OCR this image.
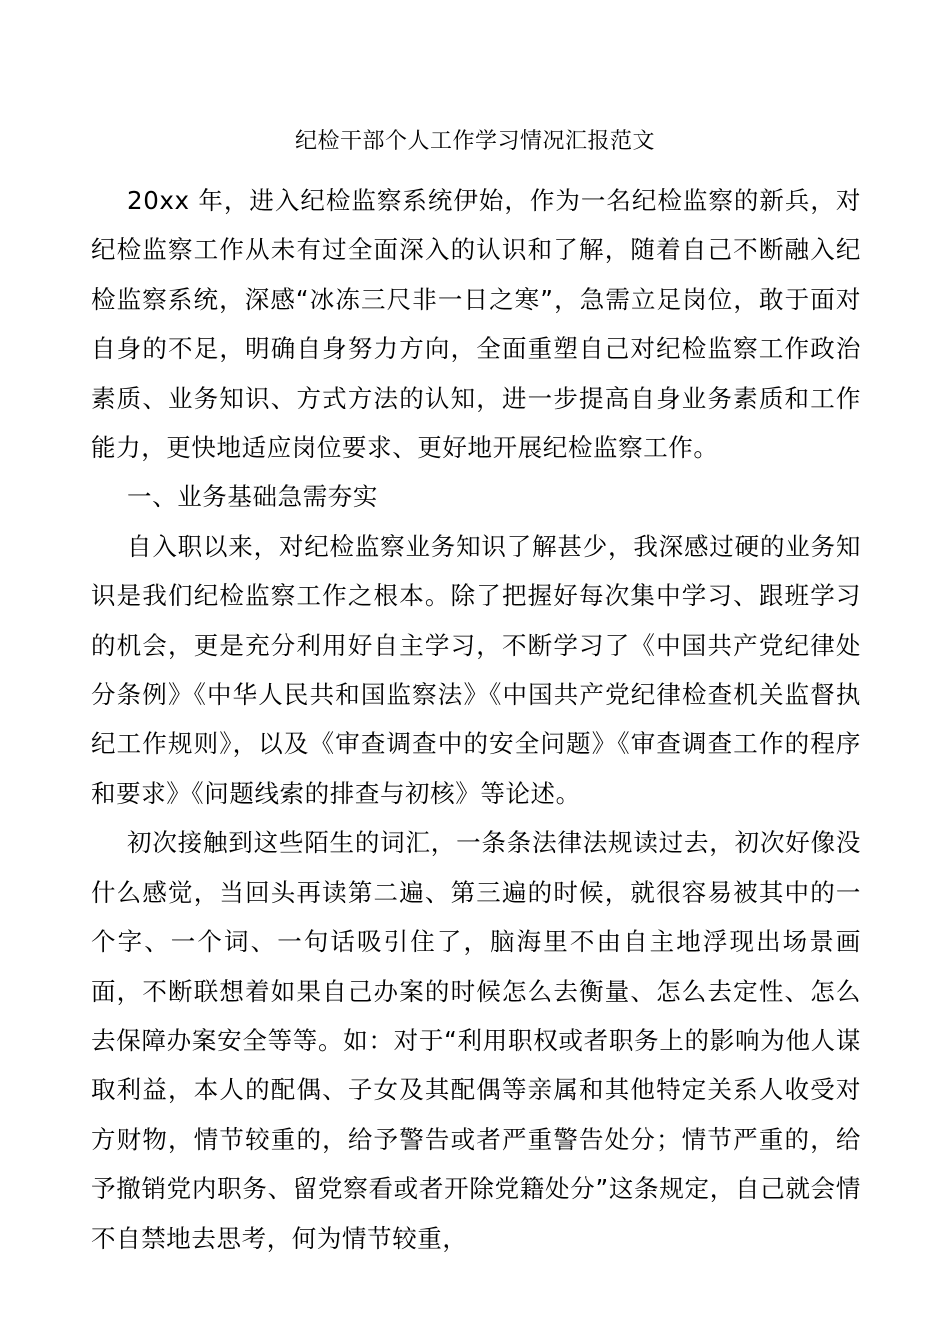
纪检干部个人工作学习情况汇报范文

20xx 年，进入纪检监察系统伊始，作为一名纪检监察的新兵，对纪检监察工作从未有过全面深入的认识和了解，随着自己不断融入纪检监察系统，深感“冰冻三尺非一日之寒”，急需立足岗位，敢于面对自身的不足，明确自身努力方向，全面重塑自己对纪检监察工作政治素质、业务知识、方式方法的认知，进一步提高自身业务素质和工作能力，更快地适应岗位要求、更好地开展纪检监察工作。

一、业务基础急需夯实

自入职以来，对纪检监察业务知识了解甚少，我深感过硬的业务知识是我们纪检监察工作之根本。除了把握好每次集中学习、跟班学习的机会，更是充分利用好自主学习，不断学习了《中国共产党纪律处分条例》《中华人民共和国监察法》《中国共产党纪律检查机关监督执纪工作规则》，以及《审查调查中的安全问题》《审查调查工作的程序和要求》《问题线索的排查与初核》等论述。

初次接触到这些陌生的词汇，一条条法律法规读过去，初次好像没什么感觉，当回头再读第二遍、第三遍的时候，就很容易被其中的一个字、一个词、一句话吸引住了，脑海里不由自主地浮现出场景画面，不断联想着如果自己办案的时候怎么去衡量、怎么去定性、怎么去保障办案安全等等。如：对于“利用职权或者职务上的影响为他人谋取利益，本人的配偶、子女及其配偶等亲属和其他特定关系人收受对方财物，情节较重的，给予警告或者严重警告处分；情节严重的，给予撤销党内职务、留党察看或者开除党籍处分”这条规定，自己就会情不自禁地去思考，何为情节较重，
